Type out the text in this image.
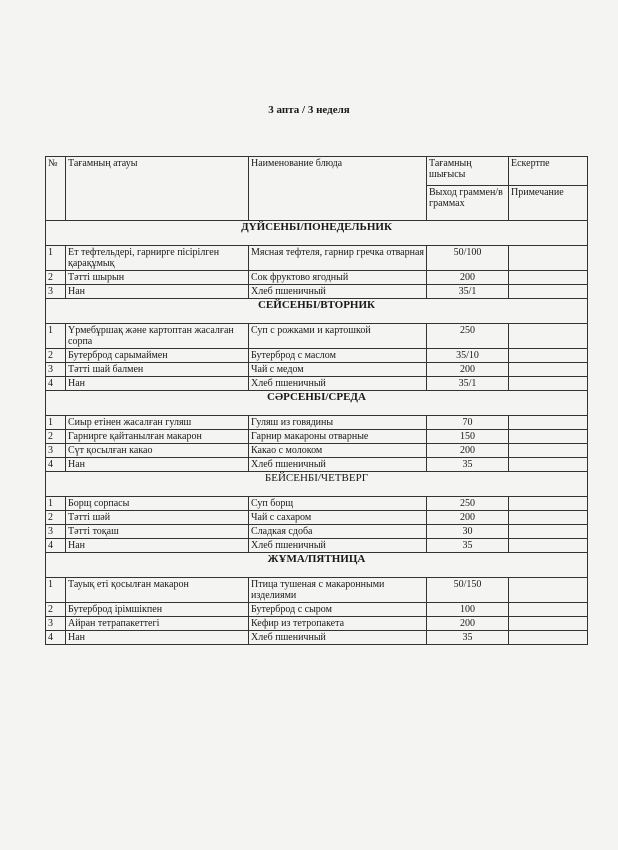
3 апта / 3 неделя
№	Тағамның атауы	Наименование блюда	Тағамның шығысы	Ескертпе
			Выход граммен/в граммах	Примечание
ДҮЙСЕНБІ/ПОНЕДЕЛЬНИК				
1	Ет тефтельдері, гарнирге пісірілген қарақұмық	Мясная тефтеля, гарнир гречка отварная	50/100	
2	Тәтті шырын	Сок фруктово ягодный	200	
3	Нан	Хлеб пшеничный	35/1	
СЕЙСЕНБІ/ВТОРНИК				
1	Үрмебұршақ және картоптан жасалған сорпа	Суп с рожками и картошкой	250	
2	Бутерброд сарымаймен	Бутерброд с маслом	35/10	
3	Тәтті шай балмен	Чай с медом	200	
4	Нан	Хлеб пшеничный	35/1	
СӘРСЕНБІ/СРЕДА				
1	Сиыр етінен жасалған гуляш	Гуляш из говядины	70	
2	Гарнирге қайтанылған макарон	Гарнир макароны отварные	150	
3	Сүт қосылған какао	Какао с молоком	200	
4	Нан	Хлеб пшеничный	35	
БЕЙСЕНБІ/ЧЕТВЕРГ				
1	Борщ сорпасы	Суп борщ	250	
2	Тәтті шәй	Чай с сахаром	200	
3	Тәтті тоқаш	Сладкая сдоба	30	
4	Нан	Хлеб пшеничный	35	
ЖҰМА/ПЯТНИЦА				
1	Тауық еті қосылған макарон	Птица тушеная с макаронными изделиями	50/150	
2	Бутерброд ірімшікпен	Бутерброд с сыром	100	
3	Айран тетрапакеттегі	Кефир из тетропакета	200	
4	Нан	Хлеб пшеничный	35	
